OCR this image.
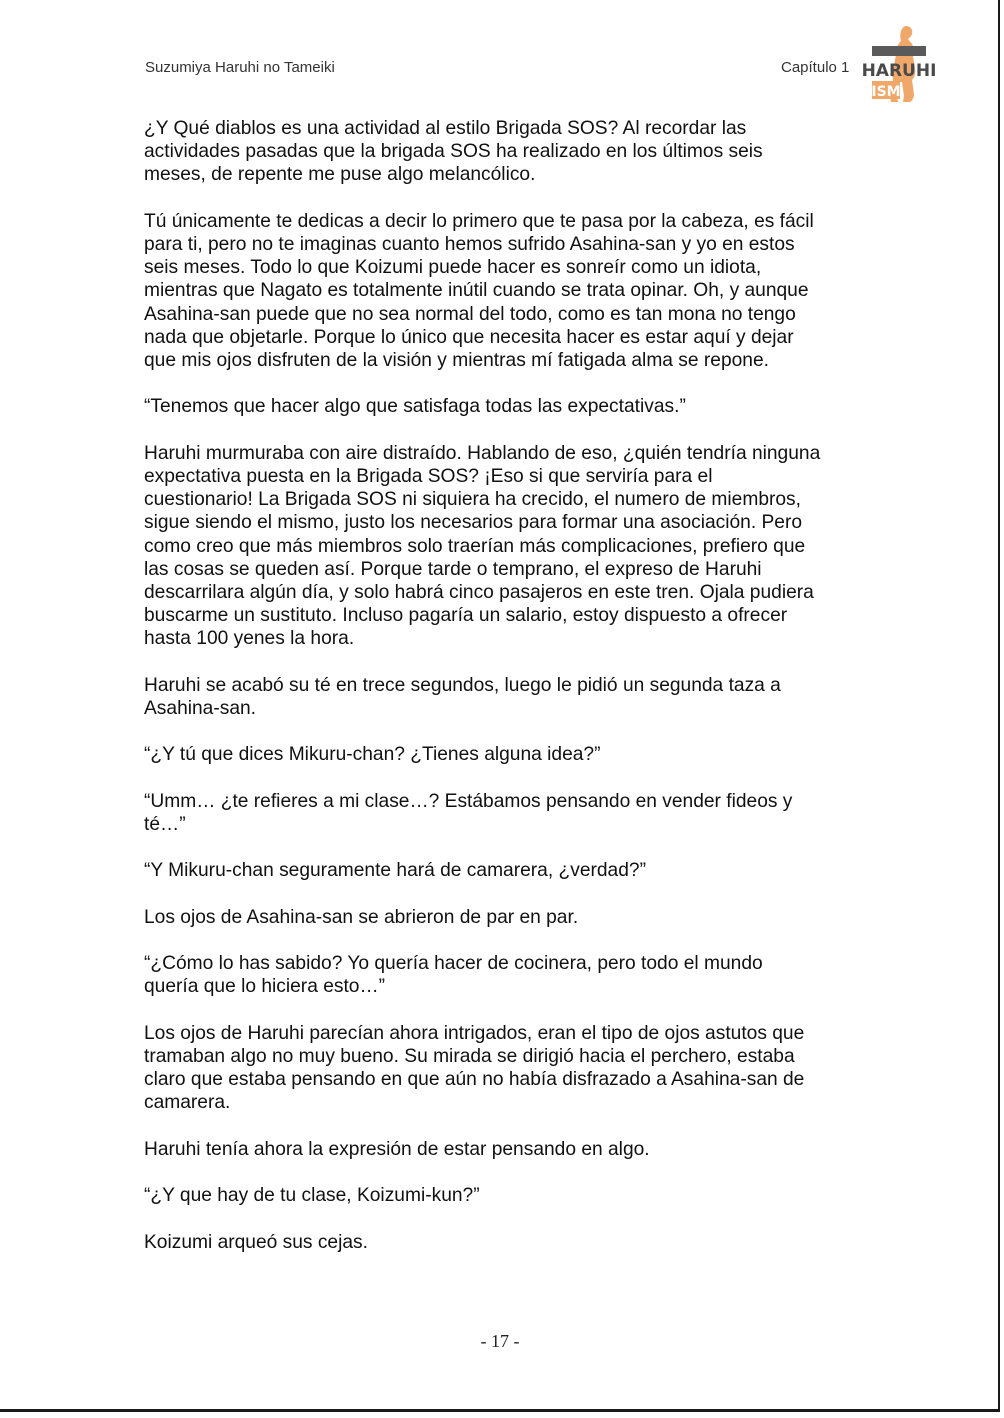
Suzumiya Haruhi no Tameiki	Capítulo 1 HARUHI
ISM

¿Y Qué diablos es una actividad al estilo Brigada SOS? Al recordar las
actividades pasadas que la brigada SOS ha realizado en los últimos seis
meses, de repente me puse algo melancólico.

Tú únicamente te dedicas a decir lo primero que te pasa por la cabeza, es fácil
para ti, pero no te imaginas cuanto hemos sufrido Asahina-san y yo en estos
seis meses. Todo lo que Koizumi puede hacer es sonreír como un idiota,
mientras que Nagato es totalmente inútil cuando se trata opinar. Oh, y aunque
Asahina-san puede que no sea normal del todo, como es tan mona no tengo
nada que objetarle. Porque lo único que necesita hacer es estar aquí y dejar
que mis ojos disfruten de la visión y mientras mí fatigada alma se repone.

“Tenemos que hacer algo que satisfaga todas las expectativas.”

Haruhi murmuraba con aire distraído. Hablando de eso, ¿quién tendría ninguna
expectativa puesta en la Brigada SOS? ¡Eso si que serviría para el
cuestionario! La Brigada SOS ni siquiera ha crecido, el numero de miembros,
sigue siendo el mismo, justo los necesarios para formar una asociación. Pero
como creo que más miembros solo traerían más complicaciones, prefiero que
las cosas se queden así. Porque tarde o temprano, el expreso de Haruhi
descarrilara algún día, y solo habrá cinco pasajeros en este tren. Ojala pudiera
buscarme un sustituto. Incluso pagaría un salario, estoy dispuesto a ofrecer
hasta 100 yenes la hora.

Haruhi se acabó su té en trece segundos, luego le pidió un segunda taza a
Asahina-san.

“¿Y tú que dices Mikuru-chan? ¿Tienes alguna idea?”

“Umm… ¿te refieres a mi clase…? Estábamos pensando en vender fideos y
té…”

“Y Mikuru-chan seguramente hará de camarera, ¿verdad?”

Los ojos de Asahina-san se abrieron de par en par.

“¿Cómo lo has sabido? Yo quería hacer de cocinera, pero todo el mundo
quería que lo hiciera esto…”

Los ojos de Haruhi parecían ahora intrigados, eran el tipo de ojos astutos que
tramaban algo no muy bueno. Su mirada se dirigió hacia el perchero, estaba
claro que estaba pensando en que aún no había disfrazado a Asahina-san de
camarera.

Haruhi tenía ahora la expresión de estar pensando en algo.

“¿Y que hay de tu clase, Koizumi-kun?”

Koizumi arqueó sus cejas.

- 17 -
